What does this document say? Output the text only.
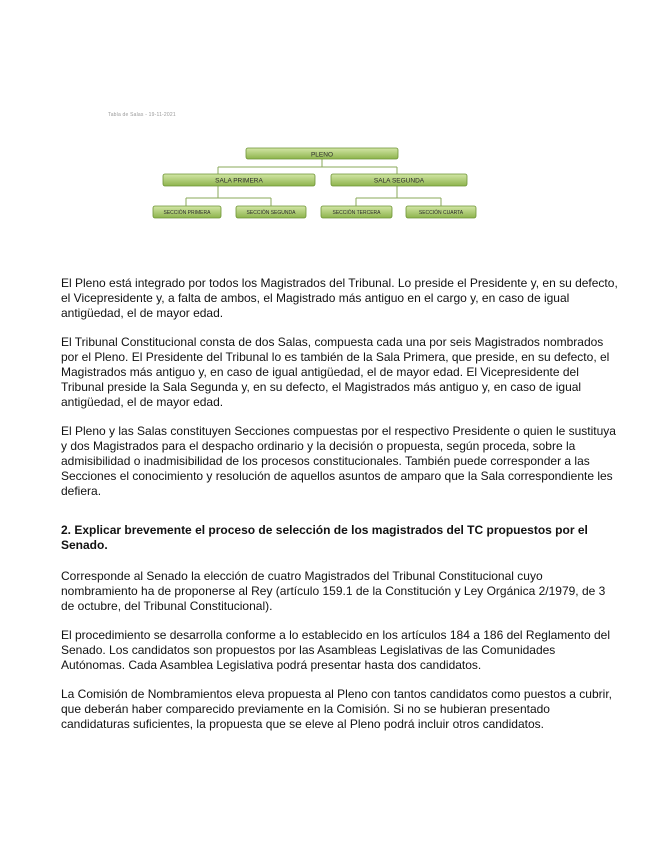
Tabla de Salas - 19-11-2021
PLENO
SALA PRIMERA	SALA SEGUNDA
SECCIÓN PRIMERA	SECCIÓN SEGUNDA	SECCIÓN TERCERA	SECCIÓN CUARTA

El Pleno está integrado por todos los Magistrados del Tribunal. Lo preside el Presidente y, en su defecto, el Vicepresidente y, a falta de ambos, el Magistrado más antiguo en el cargo y, en caso de igual antigüedad, el de mayor edad.

El Tribunal Constitucional consta de dos Salas, compuesta cada una por seis Magistrados nombrados por el Pleno. El Presidente del Tribunal lo es también de la Sala Primera, que preside, en su defecto, el Magistrados más antiguo y, en caso de igual antigüedad, el de mayor edad. El Vicepresidente del Tribunal preside la Sala Segunda y, en su defecto, el Magistrados más antiguo y, en caso de igual antigüedad, el de mayor edad.

El Pleno y las Salas constituyen Secciones compuestas por el respectivo Presidente o quien le sustituya y dos Magistrados para el despacho ordinario y la decisión o propuesta, según proceda, sobre la admisibilidad o inadmisibilidad de los procesos constitucionales. También puede corresponder a las Secciones el conocimiento y resolución de aquellos asuntos de amparo que la Sala correspondiente les defiera.

2. Explicar brevemente el proceso de selección de los magistrados del TC propuestos por el Senado.

Corresponde al Senado la elección de cuatro Magistrados del Tribunal Constitucional cuyo nombramiento ha de proponerse al Rey (artículo 159.1 de la Constitución y Ley Orgánica 2/1979, de 3 de octubre, del Tribunal Constitucional).

El procedimiento se desarrolla conforme a lo establecido en los artículos 184 a 186 del Reglamento del Senado. Los candidatos son propuestos por las Asambleas Legislativas de las Comunidades Autónomas. Cada Asamblea Legislativa podrá presentar hasta dos candidatos.

La Comisión de Nombramientos eleva propuesta al Pleno con tantos candidatos como puestos a cubrir, que deberán haber comparecido previamente en la Comisión. Si no se hubieran presentado candidaturas suficientes, la propuesta que se eleve al Pleno podrá incluir otros candidatos.
